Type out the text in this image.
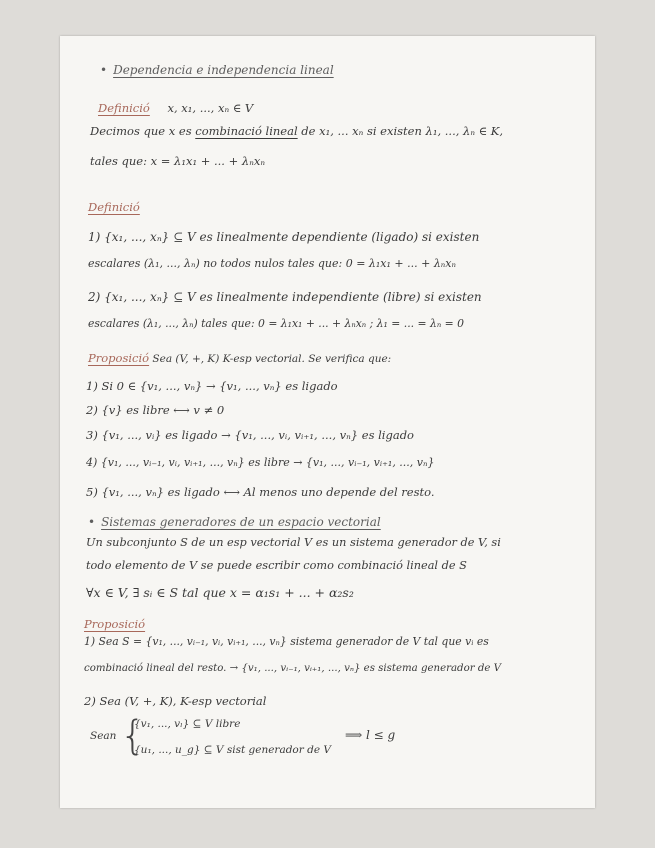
• Dependencia e independencia lineal
Definició x, x₁, ..., xₙ ∈ V
Decimos que x es combinació lineal de x₁, ... xₙ si existen λ₁, ..., λₙ ∈ K,
tales que: x = λ₁x₁ + ... + λₙxₙ
Definició
1) {x₁, ..., xₙ} ⊆ V es linealmente dependiente (ligado) si existen
escalares (λ₁, ..., λₙ) no todos nulos tales que: 0 = λ₁x₁ + ... + λₙxₙ
2) {x₁, ..., xₙ} ⊆ V es linealmente independiente (libre) si existen
escalares (λ₁, ..., λₙ) tales que: 0 = λ₁x₁ + ... + λₙxₙ ; λ₁ = ... = λₙ = 0
Proposició Sea (V, +, K) K-esp vectorial. Se verifica que:
1) Si 0 ∈ {v₁, ..., vₙ} → {v₁, ..., vₙ} es ligado
2) {v} es libre ⟷ v ≠ 0
3) {v₁, ..., vᵢ} es ligado → {v₁, ..., vᵢ, vᵢ₊₁, ..., vₙ} es ligado
4) {v₁, ..., vᵢ₋₁, vᵢ, vᵢ₊₁, ..., vₙ} es libre → {v₁, ..., vᵢ₋₁, vᵢ₊₁, ..., vₙ}
5) {v₁, ..., vₙ} es ligado ⟷ Al menos uno depende del resto.
• Sistemas generadores de un espacio vectorial
Un subconjunto S de un esp vectorial V es un sistema generador de V, si
todo elemento de V se puede escribir como combinació lineal de S
∀x ∈ V, ∃ sᵢ ∈ S tal que x = α₁s₁ + ... + α₂s₂
Proposició
1) Sea S = {v₁, ..., vᵢ₋₁, vᵢ, vᵢ₊₁, ..., vₙ} sistema generador de V tal que vᵢ es
combinació lineal del resto. → {v₁, ..., vᵢ₋₁, vᵢ₊₁, ..., vₙ} es sistema generador de V
2) Sea (V, +, K), K-esp vectorial
Sean {
{v₁, ..., vₗ} ⊆ V libre
{u₁, ..., u_g} ⊆ V sist generador de V
⟹ l ≤ g
